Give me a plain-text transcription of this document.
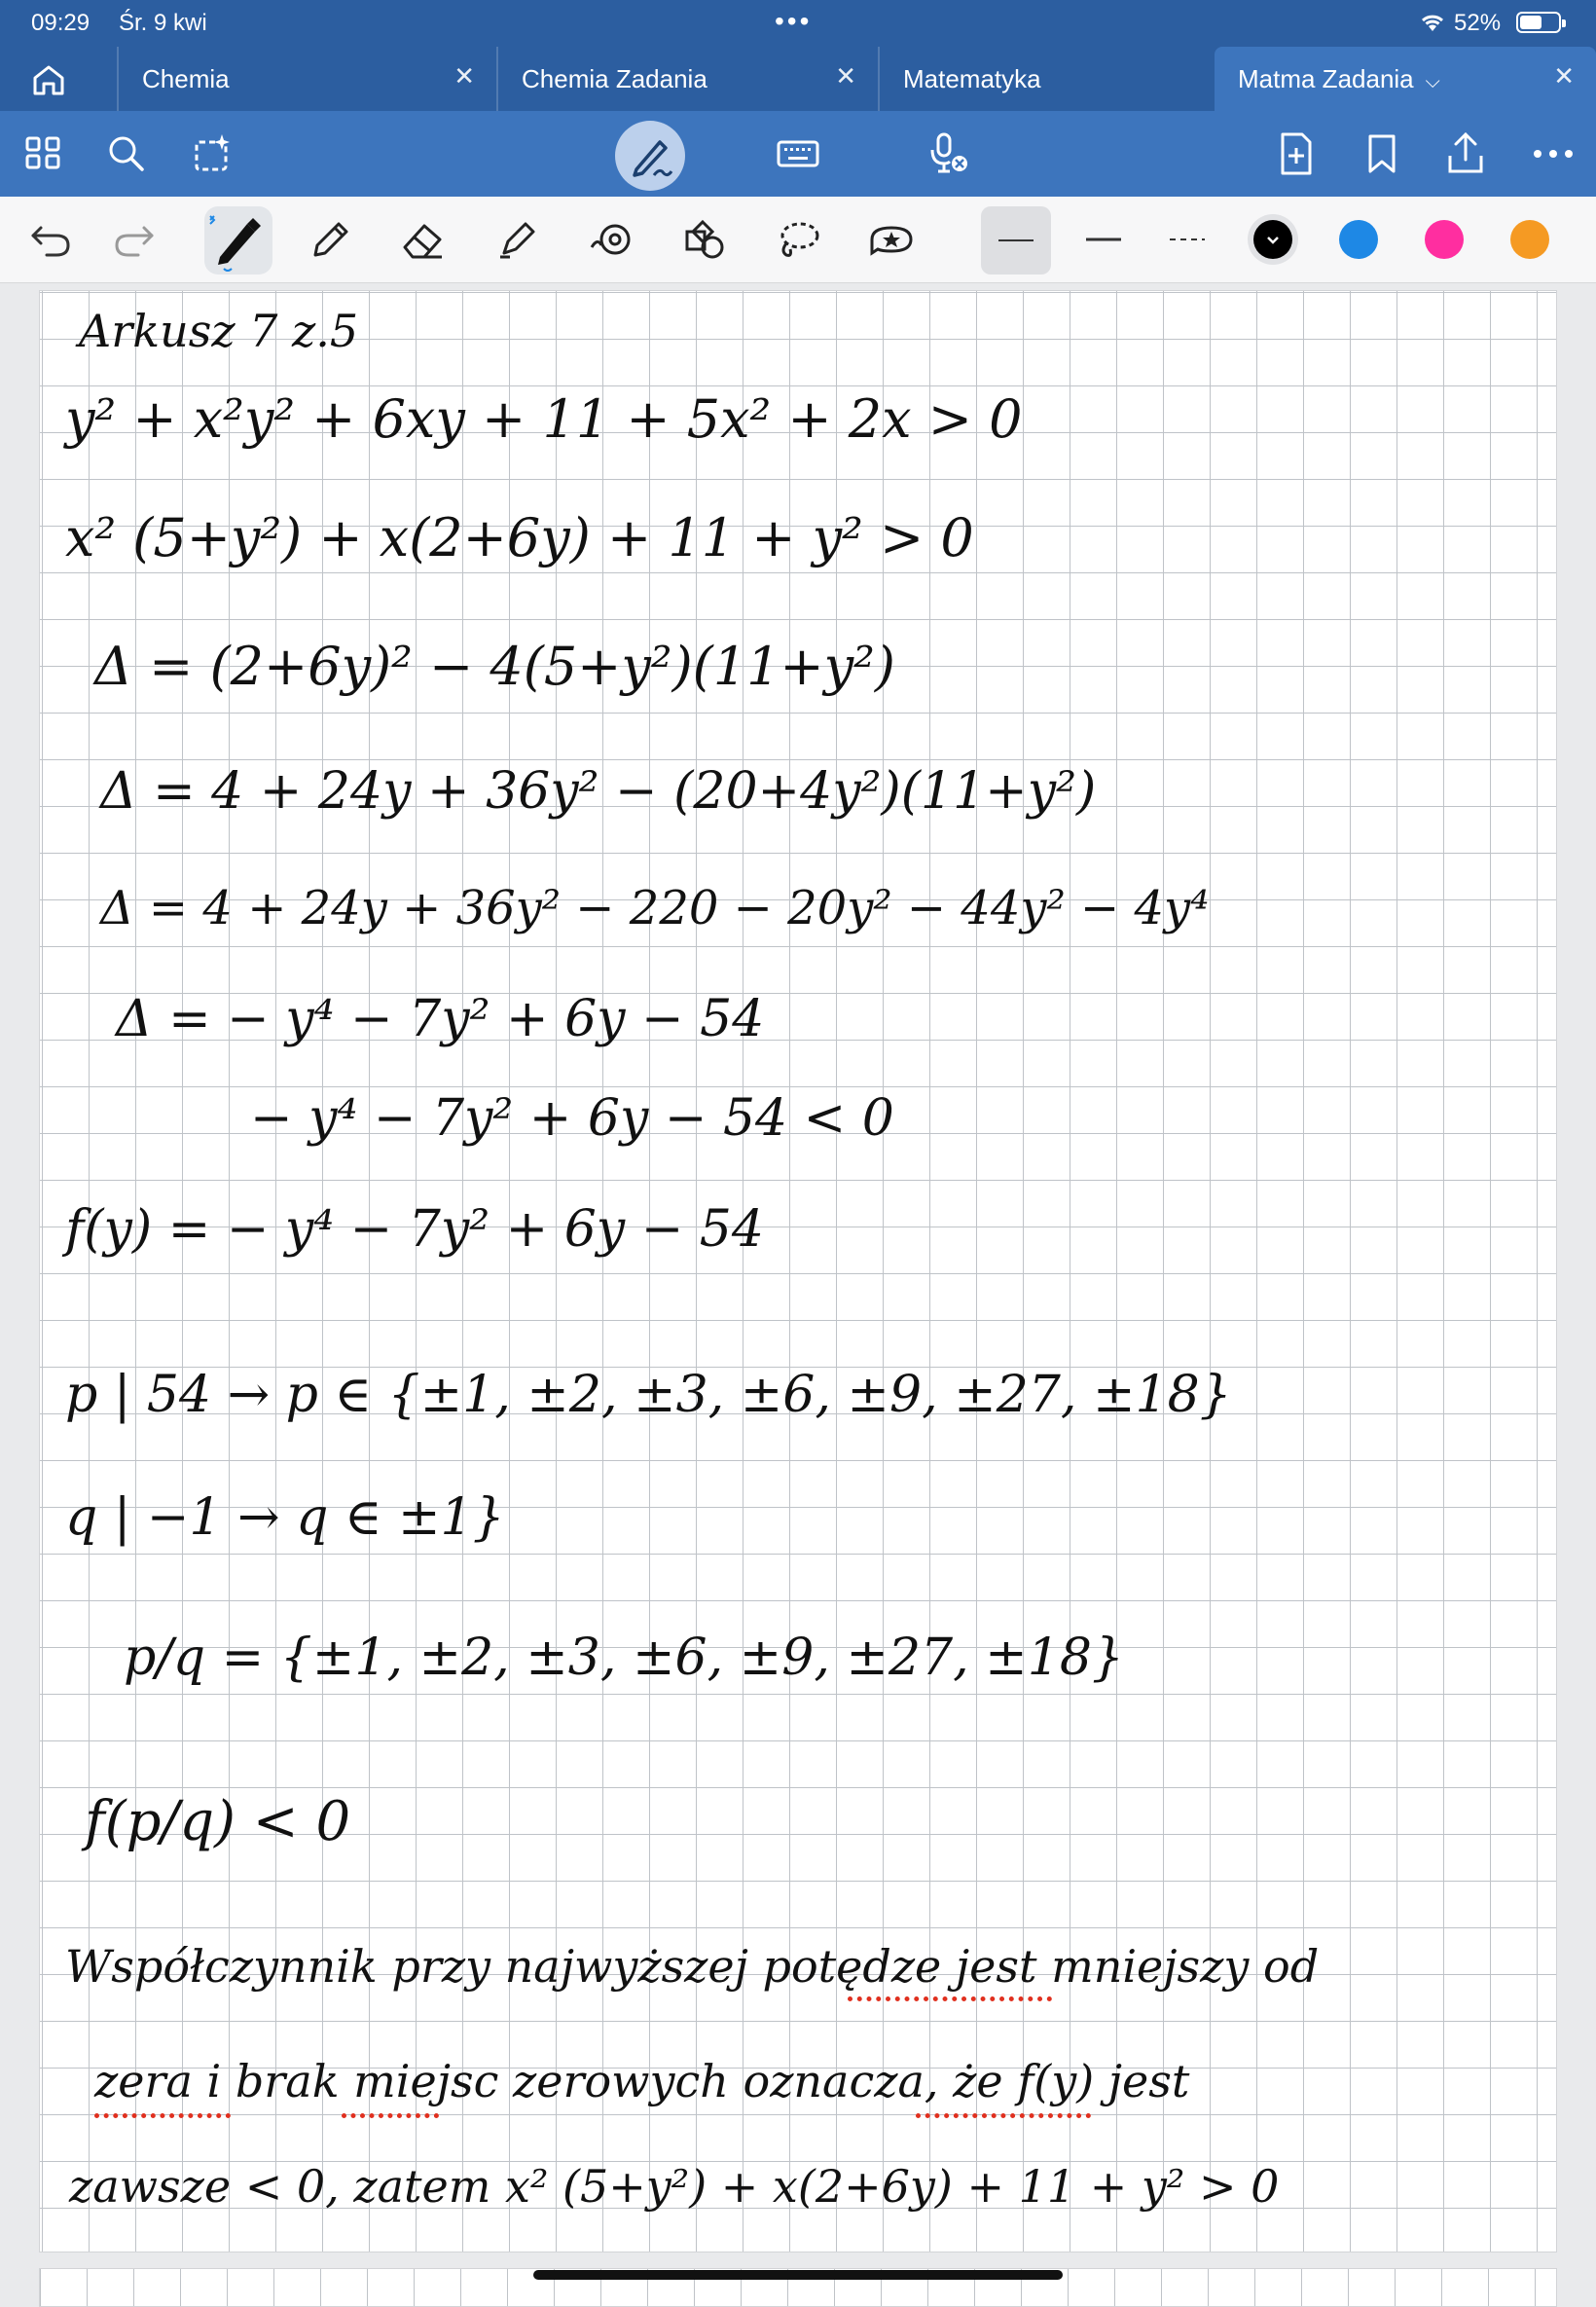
09:29 Śr. 9 kwi	•••	52%
Chemia	✕ Chemia Zadania	✕ Matematyka	Matma Zadania ⌵	✕
Arkusz 7 z.5
y² + x²y² + 6xy + 11 + 5x² + 2x > 0
x² (5+y²) + x(2+6y) + 11 + y² > 0
Δ = (2+6y)² − 4(5+y²)(11+y²)
Δ = 4 + 24y + 36y² − (20+4y²)(11+y²)
Δ = 4 + 24y + 36y² − 220 − 20y² − 44y² − 4y⁴
Δ = − y⁴ − 7y² + 6y − 54
− y⁴ − 7y² + 6y − 54 < 0
f(y) = − y⁴ − 7y² + 6y − 54
p | 54 → p ∈ {±1, ±2, ±3, ±6, ±9, ±27, ±18}
q | −1 → q ∈ ±1}
p/q = {±1, ±2, ±3, ±6, ±9, ±27, ±18}
f(p/q) < 0
Współczynnik przy najwyższej potędze jest mniejszy od
zera i brak miejsc zerowych oznacza, że f(y) jest
zawsze < 0, zatem x² (5+y²) + x(2+6y) + 11 + y² > 0
